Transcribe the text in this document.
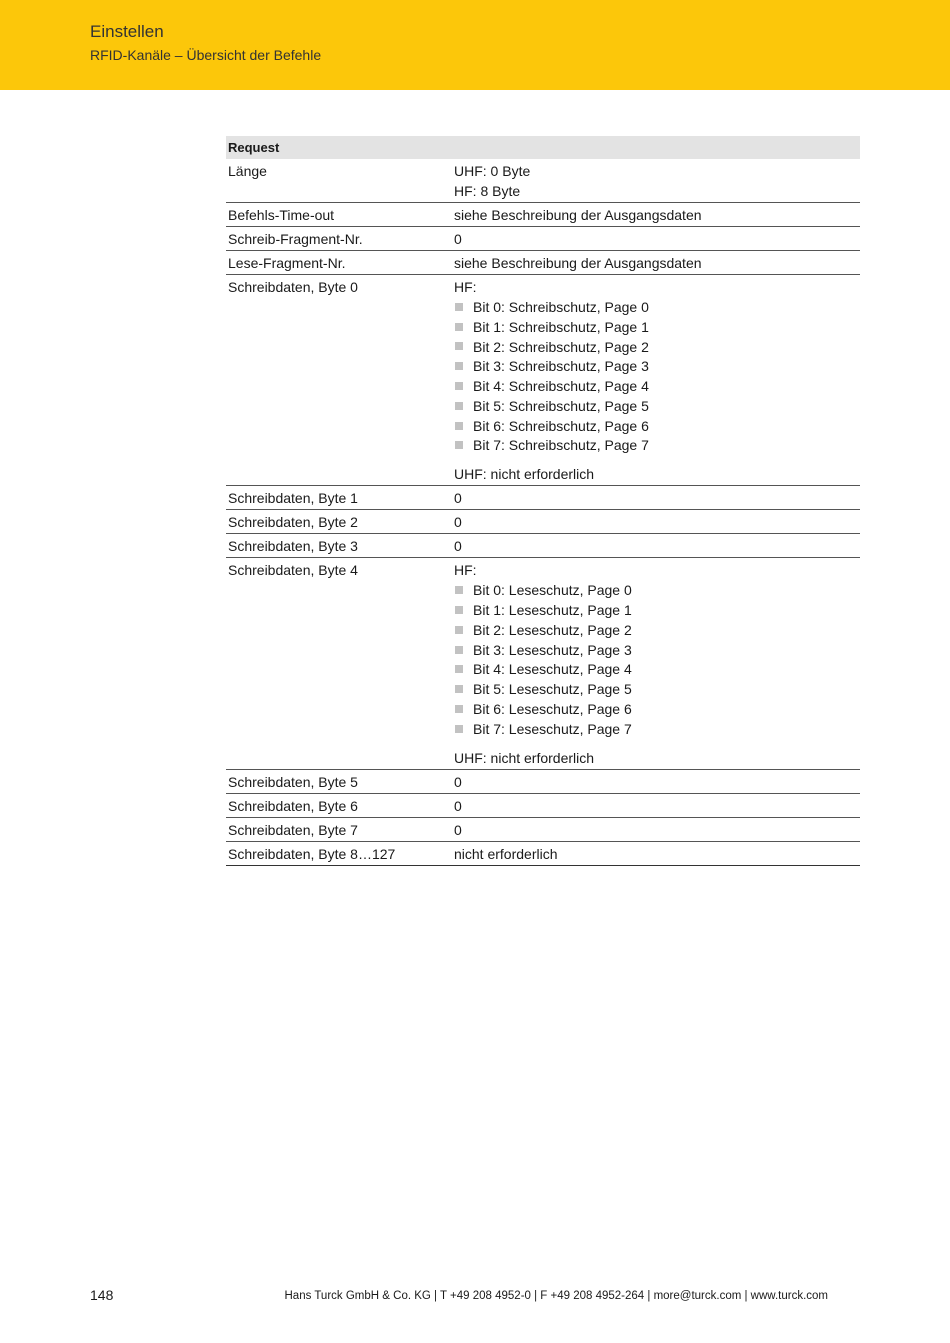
Einstellen
RFID-Kanäle – Übersicht der Befehle
Request
Länge	UHF: 0 Byte
HF: 8 Byte
Befehls-Time-out	siehe Beschreibung der Ausgangsdaten
Schreib-Fragment-Nr.	0
Lese-Fragment-Nr.	siehe Beschreibung der Ausgangsdaten
Schreibdaten, Byte 0	HF:
Bit 0: Schreibschutz, Page 0
Bit 1: Schreibschutz, Page 1
Bit 2: Schreibschutz, Page 2
Bit 3: Schreibschutz, Page 3
Bit 4: Schreibschutz, Page 4
Bit 5: Schreibschutz, Page 5
Bit 6: Schreibschutz, Page 6
Bit 7: Schreibschutz, Page 7
UHF: nicht erforderlich
Schreibdaten, Byte 1	0
Schreibdaten, Byte 2	0
Schreibdaten, Byte 3	0
Schreibdaten, Byte 4	HF:
Bit 0: Leseschutz, Page 0
Bit 1: Leseschutz, Page 1
Bit 2: Leseschutz, Page 2
Bit 3: Leseschutz, Page 3
Bit 4: Leseschutz, Page 4
Bit 5: Leseschutz, Page 5
Bit 6: Leseschutz, Page 6
Bit 7: Leseschutz, Page 7
UHF: nicht erforderlich
Schreibdaten, Byte 5	0
Schreibdaten, Byte 6	0
Schreibdaten, Byte 7	0
Schreibdaten, Byte 8…127	nicht erforderlich
148	Hans Turck GmbH & Co. KG | T +49 208 4952-0 | F +49 208 4952-264 | more@turck.com | www.turck.com
